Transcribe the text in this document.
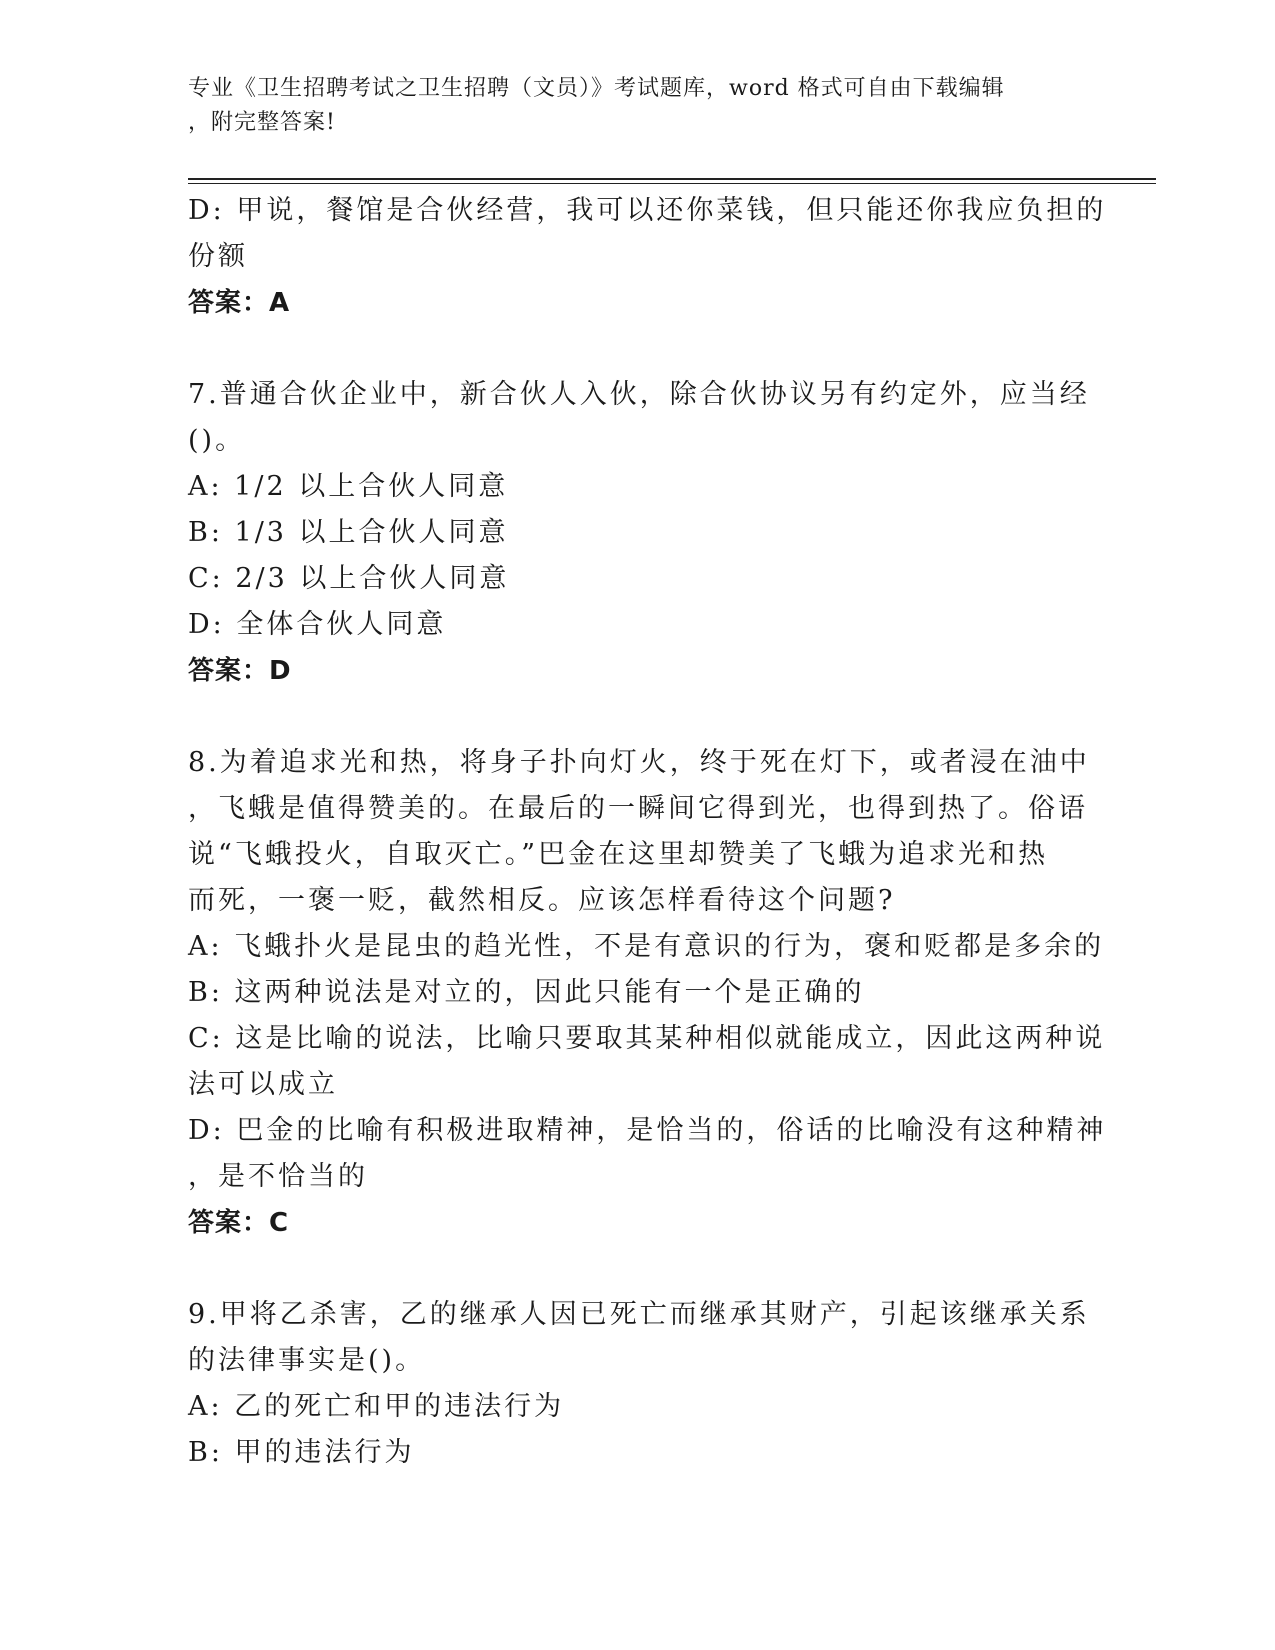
专业《卫生招聘考试之卫生招聘（文员）》考试题库，word 格式可自由下载编辑
，附完整答案!
D: 甲说，餐馆是合伙经营，我可以还你菜钱，但只能还你我应负担的
份额
答案：A
7.普通合伙企业中，新合伙人入伙，除合伙协议另有约定外，应当经
()。
A: 1/2 以上合伙人同意
B: 1/3 以上合伙人同意
C: 2/3 以上合伙人同意
D: 全体合伙人同意
答案：D
8.为着追求光和热，将身子扑向灯火，终于死在灯下，或者浸在油中
，飞蛾是值得赞美的。在最后的一瞬间它得到光，也得到热了。俗语
说“飞蛾投火，自取灭亡。”巴金在这里却赞美了飞蛾为追求光和热
而死，一褒一贬，截然相反。应该怎样看待这个问题?
A: 飞蛾扑火是昆虫的趋光性，不是有意识的行为，褒和贬都是多余的
B: 这两种说法是对立的，因此只能有一个是正确的
C: 这是比喻的说法，比喻只要取其某种相似就能成立，因此这两种说
法可以成立
D: 巴金的比喻有积极进取精神，是恰当的，俗话的比喻没有这种精神
，是不恰当的
答案：C
9.甲将乙杀害，乙的继承人因已死亡而继承其财产，引起该继承关系
的法律事实是()。
A: 乙的死亡和甲的违法行为
B: 甲的违法行为
